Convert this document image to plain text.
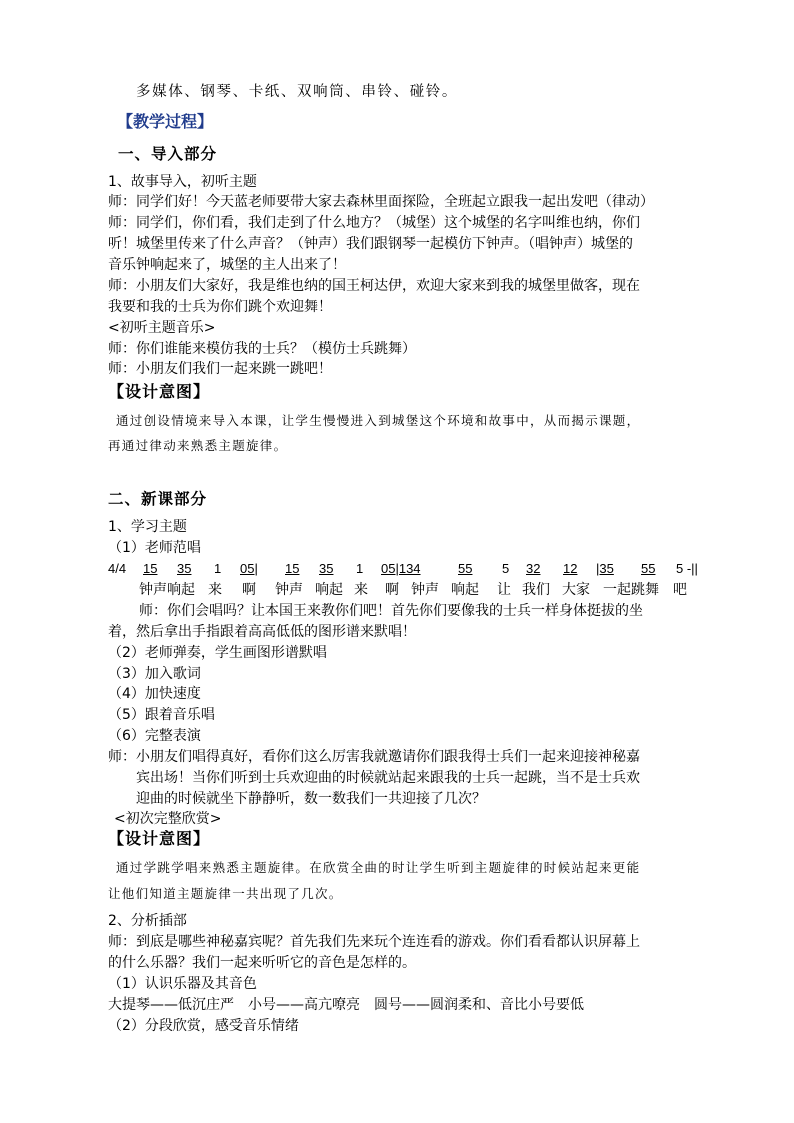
多媒体、钢琴、卡纸、双响筒、串铃、碰铃。
【教学过程】
一、导入部分
1、故事导入，初听主题
师：同学们好！今天蓝老师要带大家去森林里面探险，全班起立跟我一起出发吧（律动）
师：同学们，你们看，我们走到了什么地方？（城堡）这个城堡的名字叫维也纳，你们
听！城堡里传来了什么声音？（钟声）我们跟钢琴一起模仿下钟声。（唱钟声）城堡的
音乐钟响起来了，城堡的主人出来了！
师：小朋友们大家好，我是维也纳的国王柯达伊，欢迎大家来到我的城堡里做客，现在
我要和我的士兵为你们跳个欢迎舞！
<初听主题音乐>
师：你们谁能来模仿我的士兵？（模仿士兵跳舞）
师：小朋友们我们一起来跳一跳吧！
【设计意图】
通过创设情境来导入本课，让学生慢慢进入到城堡这个环境和故事中，从而揭示课题，
再通过律动来熟悉主题旋律。
二、新课部分
1、学习主题
（1）老师范唱
4/4 15 35 1 05| 15 35 1 05|134	55 5 32 12 |35 55 5 -||
钟声响起 来 啊 钟声 响起 来 啊 钟声 响起 让 我们 大家 一起跳舞 吧
师：你们会唱吗？让本国王来教你们吧！首先你们要像我的士兵一样身体挺拔的坐
着，然后拿出手指跟着高高低低的图形谱来默唱！
（2）老师弹奏，学生画图形谱默唱
（3）加入歌词
（4）加快速度
（5）跟着音乐唱
（6）完整表演
师：小朋友们唱得真好，看你们这么厉害我就邀请你们跟我得士兵们一起来迎接神秘嘉
宾出场！当你们听到士兵欢迎曲的时候就站起来跟我的士兵一起跳，当不是士兵欢
迎曲的时候就坐下静静听，数一数我们一共迎接了几次？
<初次完整欣赏>
【设计意图】
通过学跳学唱来熟悉主题旋律。在欣赏全曲的时让学生听到主题旋律的时候站起来更能
让他们知道主题旋律一共出现了几次。
2、分析插部
师：到底是哪些神秘嘉宾呢？首先我们先来玩个连连看的游戏。你们看看都认识屏幕上
的什么乐器？我们一起来听听它的音色是怎样的。
（1）认识乐器及其音色
大提琴——低沉庄严　小号——高亢嘹亮　圆号——圆润柔和、音比小号要低
（2）分段欣赏，感受音乐情绪
